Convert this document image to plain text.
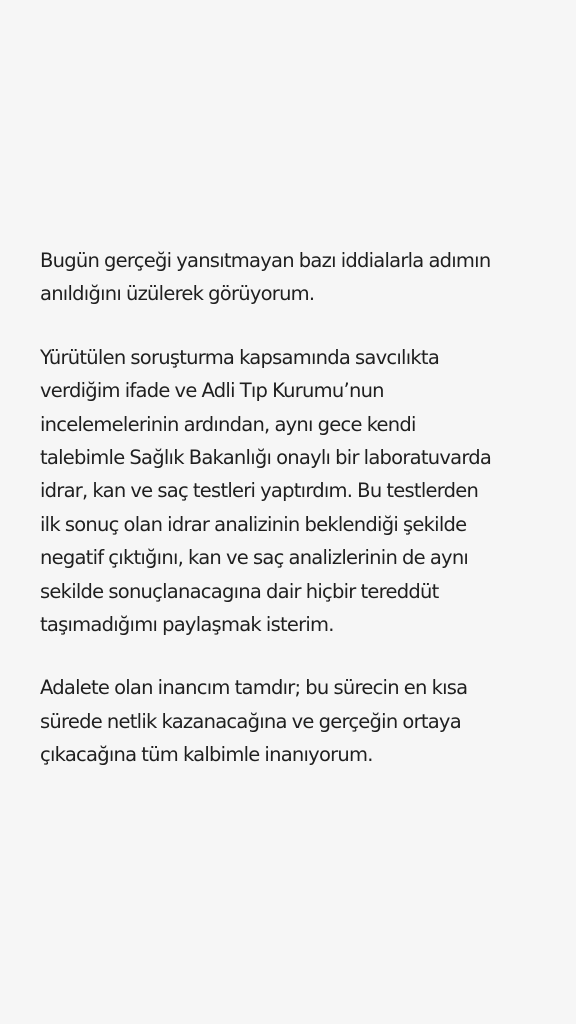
Bugün gerçeği yansıtmayan bazı iddialarla adımın
anıldığını üzülerek görüyorum.

Yürütülen soruşturma kapsamında savcılıkta
verdiğim ifade ve Adli Tıp Kurumu’nun
incelemelerinin ardından, aynı gece kendi
talebimle Sağlık Bakanlığı onaylı bir laboratuvarda
idrar, kan ve saç testleri yaptırdım. Bu testlerden
ilk sonuç olan idrar analizinin beklendiği şekilde
negatif çıktığını, kan ve saç analizlerinin de aynı
sekilde sonuçlanacagına dair hiçbir tereddüt
taşımadığımı paylaşmak isterim.

Adalete olan inancım tamdır; bu sürecin en kısa
sürede netlik kazanacağına ve gerçeğin ortaya
çıkacağına tüm kalbimle inanıyorum.
